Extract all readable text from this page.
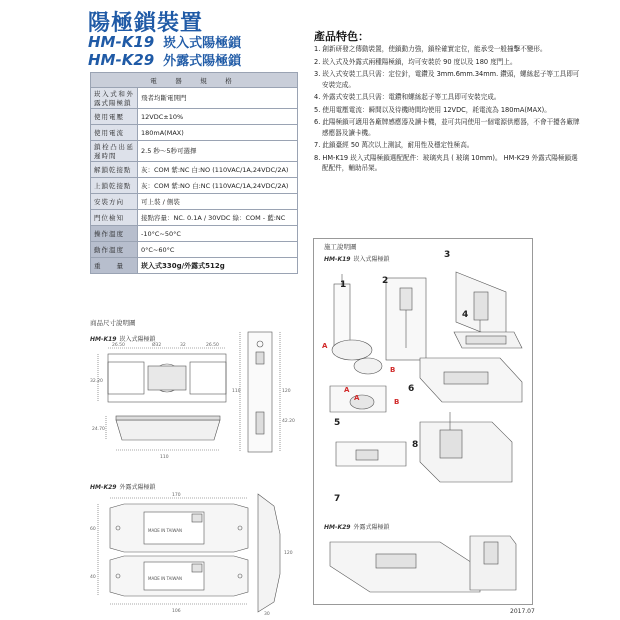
陽極鎖裝置
HM-K19 崁入式陽極鎖
HM-K29 外露式陽極鎖
電　器　規　格	
崁入式和外露式陽極鎖	飛者均斷電開門
使用電壓	12VDC±10%
使用電流	180mA(MAX)
鎖栓凸出延遲時間	2.5 秒～5秒可選擇
解鎖乾接點	灰：COM 紫:NC 白:NO (110VAC/1A,24VDC/2A)
上鎖乾接點	灰：COM 紫:NO 白:NC (110VAC/1A,24VDC/2A)
安裝方向	可上裝 / 側裝
門位檢知	接點容量：NC. 0.1A / 30VDC 綠：COM - 藍:NC
操作溫度	-10°C~50°C
動作溫度	0°C~60°C
重　　量	崁入式330g/外露式512g
產品特色：
1. 創新研發之傳動裝置，使鎖動力強，鎖栓確實定位，能承受一般撞擊不變形。
2. 崁入式及外露式兩種陽極鎖，均可安裝於 90 度以及 180 度門上。
3. 崁入式安裝工具只需：定位針，電鑽及 3mm.6mm.34mm. 鑽頭，螺絲起子等工具即可安裝完成。
4. 外露式安裝工具只需：電鑽和螺絲起子等工具即可安裝完成。
5. 使用電壓電流：瞬間以及待機時間均使用 12VDC，耗電流為 180mA(MAX)。
6. 此陽極鎖可適用各廠牌感應器及讀卡機，並可共同使用一個電源供應器，不會干擾各廠牌感應器及讀卡機。
7. 此鎖臺經 50 萬次以上測試，耐用性及穩定性極高。
8. HM-K19 崁入式陽極鎖選配配件：玻璃夾具 ( 玻璃 10mm)。 HM-K29 外露式陽極鎖選配配件，輔助吊架。
商品尺寸說明圖
HM-K19 崁入式陽極鎖
26.50	Ø32	32	26.50
32.20
110
24.70
110	120
42.20
HM-K29 外露式陽極鎖
MADE IN TAIWAN
MADE IN TAIWAN
170
60
40
120
106
30
施工說明圖
HM-K19 崁入式陽極鎖
1	2
3
4
5
6
7
8
A
A
B
A	B
HM-K29 外露式陽極鎖
2017.07
